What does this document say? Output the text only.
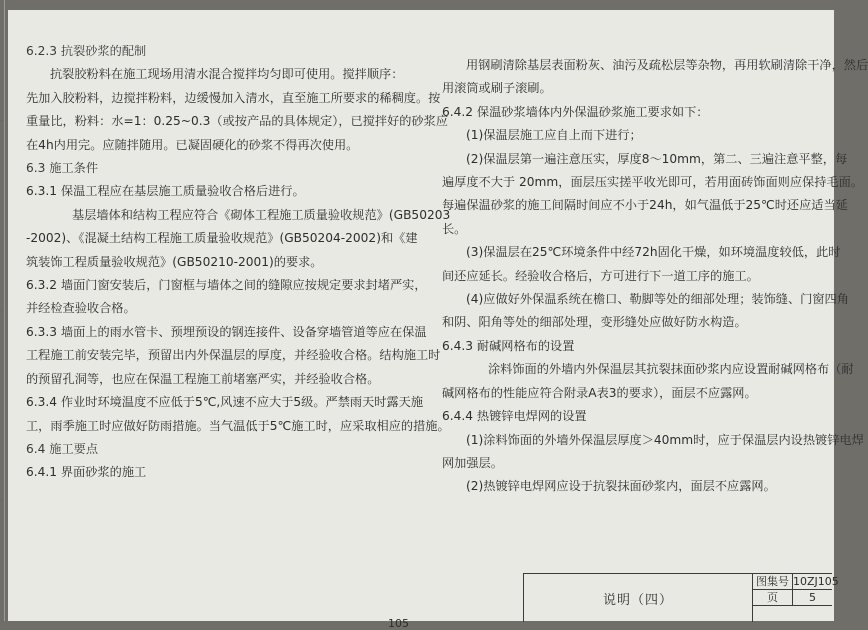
6.2.3 抗裂砂浆的配制
抗裂胶粉料在施工现场用清水混合搅拌均匀即可使用。搅拌顺序：
先加入胶粉料，边搅拌粉料，边缓慢加入清水，直至施工所要求的稀稠度。按
重量比，粉料：水=1：0.25~0.3（或按产品的具体规定），已搅拌好的砂浆应
在4h内用完。应随拌随用。已凝固硬化的砂浆不得再次使用。
6.3 施工条件
6.3.1 保温工程应在基层施工质量验收合格后进行。
基层墙体和结构工程应符合《砌体工程施工质量验收规范》(GB50203
-2002)、《混凝土结构工程施工质量验收规范》(GB50204-2002)和《建
筑装饰工程质量验收规范》(GB50210-2001)的要求。
6.3.2 墙面门窗安装后，门窗框与墙体之间的缝隙应按规定要求封堵严实，
并经检查验收合格。
6.3.3 墙面上的雨水管卡、预埋预设的钢连接件、设备穿墙管道等应在保温
工程施工前安装完毕，预留出内外保温层的厚度，并经验收合格。结构施工时
的预留孔洞等，也应在保温工程施工前堵塞严实，并经验收合格。
6.3.4 作业时环境温度不应低于5℃,风速不应大于5级。严禁雨天时露天施
工，雨季施工时应做好防雨措施。当气温低于5℃施工时，应采取相应的措施。
6.4 施工要点
6.4.1 界面砂浆的施工
用钢刷清除基层表面粉灰、油污及疏松层等杂物，再用软刷清除干净，然后
用滚筒或刷子滚刷。
6.4.2 保温砂浆墙体内外保温砂浆施工要求如下：
(1)保温层施工应自上而下进行；
(2)保温层第一遍注意压实，厚度8～10mm，第二、三遍注意平整，每
遍厚度不大于 20mm，面层压实搓平收光即可，若用面砖饰面则应保持毛面。
每遍保温砂浆的施工间隔时间应不小于24h，如气温低于25℃时还应适当延
长。
(3)保温层在25℃环境条件中经72h固化干燥，如环境温度较低，此时
间还应延长。经验收合格后，方可进行下一道工序的施工。
(4)应做好外保温系统在檐口、勒脚等处的细部处理；装饰缝、门窗四角
和阴、阳角等处的细部处理，变形缝处应做好防水构造。
6.4.3 耐碱网格布的设置
涂料饰面的外墙内外保温层其抗裂抹面砂浆内应设置耐碱网格布（耐
碱网格布的性能应符合附录A表3的要求），面层不应露网。
6.4.4 热镀锌电焊网的设置
(1)涂料饰面的外墙外保温层厚度＞40mm时，应于保温层内设热镀锌电焊
网加强层。
(2)热镀锌电焊网应设于抗裂抹面砂浆内，面层不应露网。
说明（四）
图集号 10ZJ105
页	5
105
